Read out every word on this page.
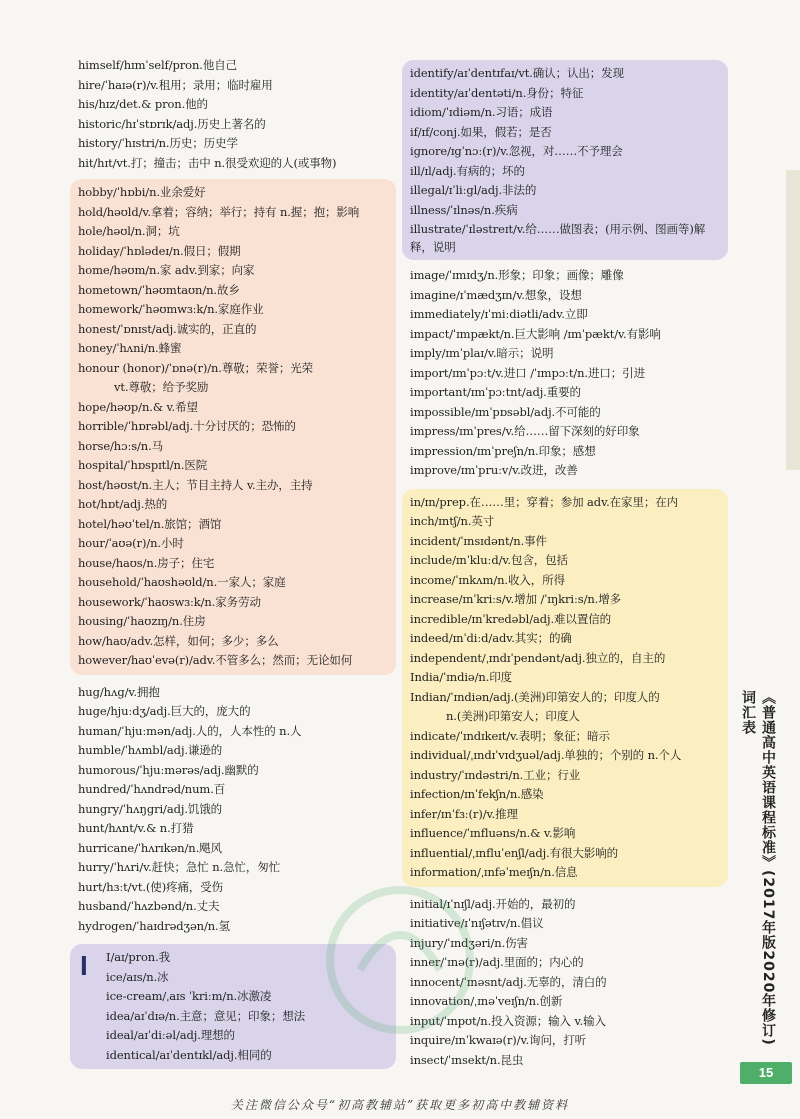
himself/hɪmˈself/pron.他自己
hire/ˈhaɪə(r)/v.租用；录用；临时雇用
his/hɪz/det.& pron.他的
historic/hɪˈstɒrɪk/adj.历史上著名的
history/ˈhɪstri/n.历史；历史学
hit/hɪt/vt.打；撞击；击中 n.很受欢迎的人(或事物)
hobby/ˈhɒbi/n.业余爱好
hold/həʊld/v.拿着；容纳；举行；持有 n.握；抱；影响
hole/həʊl/n.洞；坑
holiday/ˈhɒlədeɪ/n.假日；假期
home/həʊm/n.家 adv.到家；向家
hometown/ˈhəʊmtaʊn/n.故乡
homework/ˈhəʊmwɜːk/n.家庭作业
honest/ˈɒnɪst/adj.诚实的，正直的
honey/ˈhʌni/n.蜂蜜
honour (honor)/ˈɒnə(r)/n.尊敬；荣誉；光荣
vt.尊敬；给予奖励
hope/həʊp/n.& v.希望
horrible/ˈhɒrəbl/adj.十分讨厌的；恐怖的
horse/hɔːs/n.马
hospital/ˈhɒspɪtl/n.医院
host/həʊst/n.主人；节目主持人 v.主办，主持
hot/hɒt/adj.热的
hotel/həʊˈtel/n.旅馆；酒馆
hour/ˈaʊə(r)/n.小时
house/haʊs/n.房子；住宅
household/ˈhaʊshəʊld/n.一家人；家庭
housework/ˈhaʊswɜːk/n.家务劳动
housing/ˈhaʊzɪŋ/n.住房
how/haʊ/adv.怎样，如何；多少；多么
however/haʊˈevə(r)/adv.不管多么；然而；无论如何
hug/hʌg/v.拥抱
huge/hjuːdʒ/adj.巨大的，庞大的
human/ˈhjuːmən/adj.人的，人本性的 n.人
humble/ˈhʌmbl/adj.谦逊的
humorous/ˈhjuːmərəs/adj.幽默的
hundred/ˈhʌndrəd/num.百
hungry/ˈhʌŋgri/adj.饥饿的
hunt/hʌnt/v.& n.打猎
hurricane/ˈhʌrɪkən/n.飓风
hurry/ˈhʌri/v.赶快；急忙 n.急忙，匆忙
hurt/hɜːt/vt.(使)疼痛，受伤
husband/ˈhʌzbənd/n.丈夫
hydrogen/ˈhaɪdrədʒən/n.氢
I I/aɪ/pron.我
ice/aɪs/n.冰
ice-cream/ˌaɪs ˈkriːm/n.冰激凌
idea/aɪˈdɪə/n.主意；意见；印象；想法
ideal/aɪˈdiːəl/adj.理想的
identical/aɪˈdentɪkl/adj.相同的
identify/aɪˈdentɪfaɪ/vt.确认；认出；发现
identity/aɪˈdentəti/n.身份；特征
idiom/ˈɪdiəm/n.习语；成语
if/ɪf/conj.如果，假若；是否
ignore/ɪgˈnɔː(r)/v.忽视，对……不予理会
ill/ɪl/adj.有病的；坏的
illegal/ɪˈliːgl/adj.非法的
illness/ˈɪlnəs/n.疾病
illustrate/ˈɪləstreɪt/v.给……做图表；(用示例、图画等)解释，说明
image/ˈɪmɪdʒ/n.形象；印象；画像；雕像
imagine/ɪˈmædʒɪn/v.想象，设想
immediately/ɪˈmiːdiətli/adv.立即
impact/ˈɪmpækt/n.巨大影响 /ɪmˈpækt/v.有影响
imply/ɪmˈplaɪ/v.暗示；说明
import/ɪmˈpɔːt/v.进口 /ˈɪmpɔːt/n.进口；引进
important/ɪmˈpɔːtnt/adj.重要的
impossible/ɪmˈpɒsəbl/adj.不可能的
impress/ɪmˈpres/v.给……留下深刻的好印象
impression/ɪmˈpreʃn/n.印象；感想
improve/ɪmˈpruːv/v.改进，改善
in/ɪn/prep.在……里；穿着；参加 adv.在家里；在内
inch/ɪntʃ/n.英寸
incident/ˈɪnsɪdənt/n.事件
include/ɪnˈkluːd/v.包含，包括
income/ˈɪnkʌm/n.收入，所得
increase/ɪnˈkriːs/v.增加 /ˈɪŋkriːs/n.增多
incredible/ɪnˈkredəbl/adj.难以置信的
indeed/ɪnˈdiːd/adv.其实；的确
independent/ˌɪndɪˈpendənt/adj.独立的，自主的
India/ˈɪndiə/n.印度
Indian/ˈɪndiən/adj.(美洲)印第安人的；印度人的
n.(美洲)印第安人；印度人
indicate/ˈɪndɪkeɪt/v.表明；象征；暗示
individual/ˌɪndɪˈvɪdʒuəl/adj.单独的；个别的 n.个人
industry/ˈɪndəstri/n.工业；行业
infection/ɪnˈfekʃn/n.感染
infer/ɪnˈfɜː(r)/v.推理
influence/ˈɪnfluəns/n.& v.影响
influential/ˌɪnfluˈenʃl/adj.有很大影响的
information/ˌɪnfəˈmeɪʃn/n.信息
initial/ɪˈnɪʃl/adj.开始的，最初的
initiative/ɪˈnɪʃətɪv/n.倡议
injury/ˈɪndʒəri/n.伤害
inner/ˈɪnə(r)/adj.里面的；内心的
innocent/ˈɪnəsnt/adj.无辜的，清白的
innovation/ˌɪnəˈveɪʃn/n.创新
input/ˈɪnpʊt/n.投入资源；输入 v.输入
inquire/ɪnˈkwaɪə(r)/v.询问，打听
insect/ˈɪnsekt/n.昆虫
《普通高中英语课程标准》(2017年版2020年修订) 词汇表
15
关注微信公众号“初高教辅站”获取更多初高中教辅资料
